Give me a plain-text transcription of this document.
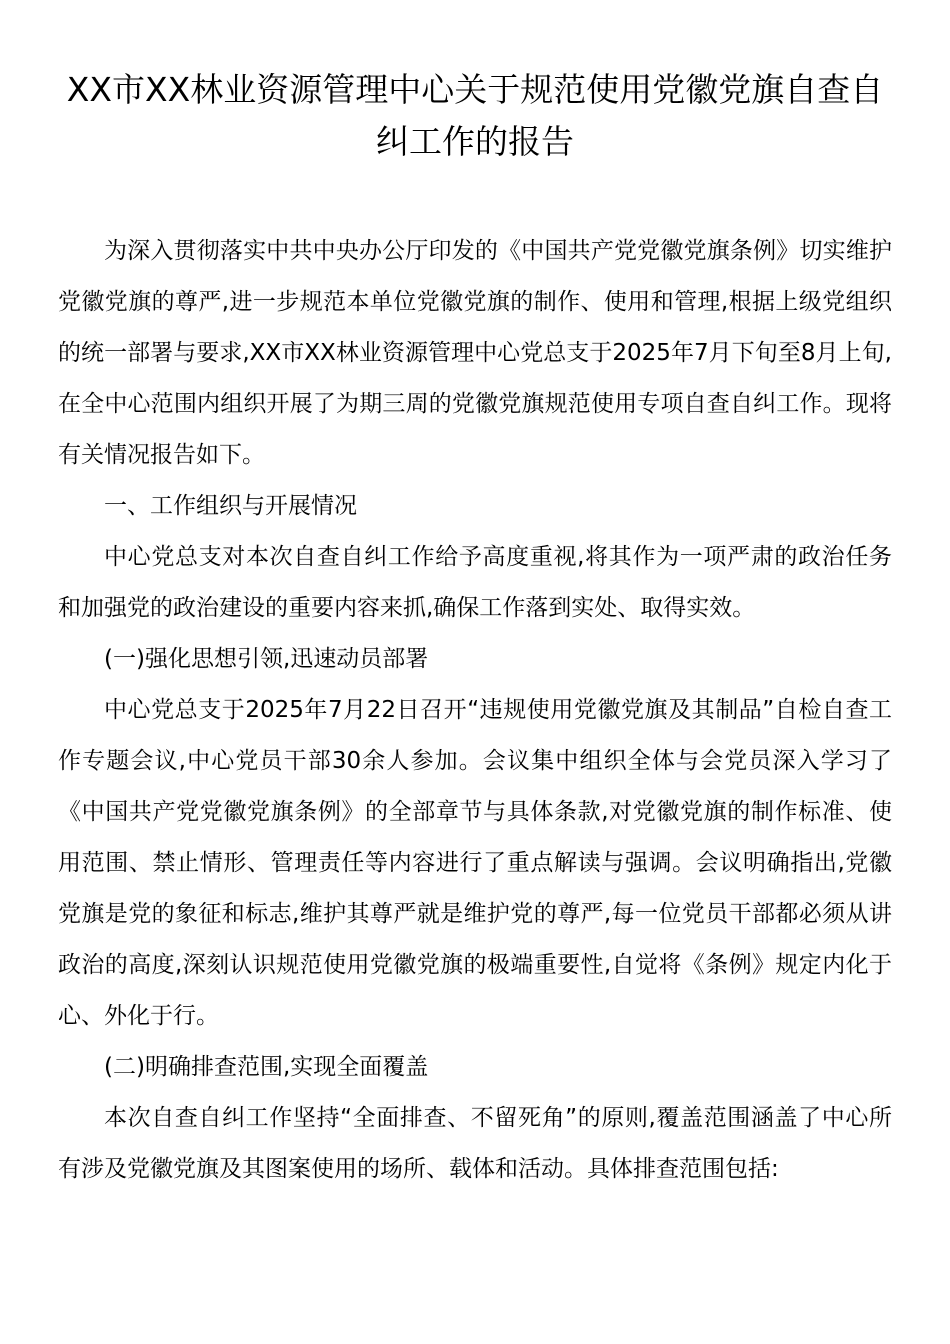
XX市XX林业资源管理中心关于规范使用党徽党旗自查自纠工作的报告

为深入贯彻落实中共中央办公厅印发的《中国共产党党徽党旗条例》切实维护党徽党旗的尊严,进一步规范本单位党徽党旗的制作、使用和管理,根据上级党组织的统一部署与要求,XX市XX林业资源管理中心党总支于2025年7月下旬至8月上旬,在全中心范围内组织开展了为期三周的党徽党旗规范使用专项自查自纠工作。现将有关情况报告如下。

一、工作组织与开展情况

中心党总支对本次自查自纠工作给予高度重视,将其作为一项严肃的政治任务和加强党的政治建设的重要内容来抓,确保工作落到实处、取得实效。

(一)强化思想引领,迅速动员部署

中心党总支于2025年7月22日召开“违规使用党徽党旗及其制品”自检自查工作专题会议,中心党员干部30余人参加。会议集中组织全体与会党员深入学习了《中国共产党党徽党旗条例》的全部章节与具体条款,对党徽党旗的制作标准、使用范围、禁止情形、管理责任等内容进行了重点解读与强调。会议明确指出,党徽党旗是党的象征和标志,维护其尊严就是维护党的尊严,每一位党员干部都必须从讲政治的高度,深刻认识规范使用党徽党旗的极端重要性,自觉将《条例》规定内化于心、外化于行。

(二)明确排查范围,实现全面覆盖

本次自查自纠工作坚持“全面排查、不留死角”的原则,覆盖范围涵盖了中心所有涉及党徽党旗及其图案使用的场所、载体和活动。具体排查范围包括:
